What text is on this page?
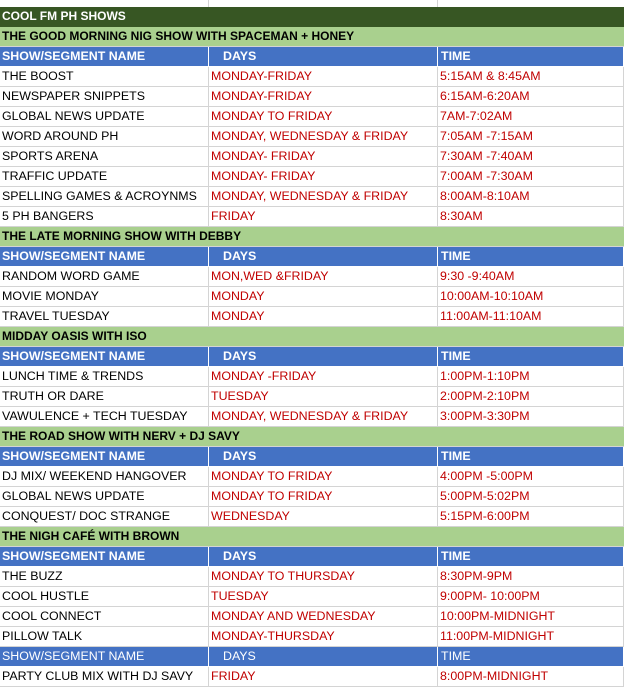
COOL FM PH SHOWS
THE GOOD MORNING NIG SHOW WITH SPACEMAN + HONEY
SHOW/SEGMENT NAME	DAYS	TIME
THE BOOST	MONDAY-FRIDAY	5:15AM & 8:45AM
NEWSPAPER SNIPPETS	MONDAY-FRIDAY	6:15AM-6:20AM
GLOBAL NEWS UPDATE	MONDAY TO FRIDAY	7AM-7:02AM
WORD AROUND PH	MONDAY, WEDNESDAY & FRIDAY	7:05AM -7:15AM
SPORTS ARENA	MONDAY- FRIDAY	7:30AM -7:40AM
TRAFFIC UPDATE	MONDAY- FRIDAY	7:00AM -7:30AM
SPELLING GAMES & ACROYNMS	MONDAY, WEDNESDAY & FRIDAY	8:00AM-8:10AM
5 PH BANGERS	FRIDAY	8:30AM
THE LATE MORNING SHOW WITH DEBBY
SHOW/SEGMENT NAME	DAYS	TIME
RANDOM WORD GAME	MON,WED &FRIDAY	9:30 -9:40AM
MOVIE MONDAY	MONDAY	10:00AM-10:10AM
TRAVEL TUESDAY	MONDAY	11:00AM-11:10AM
MIDDAY OASIS WITH ISO
SHOW/SEGMENT NAME	DAYS	TIME
LUNCH TIME & TRENDS	MONDAY -FRIDAY	1:00PM-1:10PM
TRUTH OR DARE	TUESDAY	2:00PM-2:10PM
VAWULENCE + TECH TUESDAY	MONDAY, WEDNESDAY & FRIDAY	3:00PM-3:30PM
THE ROAD SHOW WITH NERV + DJ SAVY
SHOW/SEGMENT NAME	DAYS	TIME
DJ MIX/ WEEKEND HANGOVER	MONDAY TO FRIDAY	4:00PM -5:00PM
GLOBAL NEWS UPDATE	MONDAY TO FRIDAY	5:00PM-5:02PM
CONQUEST/ DOC STRANGE	WEDNESDAY	5:15PM-6:00PM
THE NIGH CAFÉ WITH BROWN
SHOW/SEGMENT NAME	DAYS	TIME
THE BUZZ	MONDAY TO THURSDAY	8:30PM-9PM
COOL HUSTLE	TUESDAY	9:00PM- 10:00PM
COOL CONNECT	MONDAY AND WEDNESDAY	10:00PM-MIDNIGHT
PILLOW TALK	MONDAY-THURSDAY	11:00PM-MIDNIGHT
SHOW/SEGMENT NAME	DAYS	TIME
PARTY CLUB MIX WITH DJ SAVY	FRIDAY	8:00PM-MIDNIGHT
